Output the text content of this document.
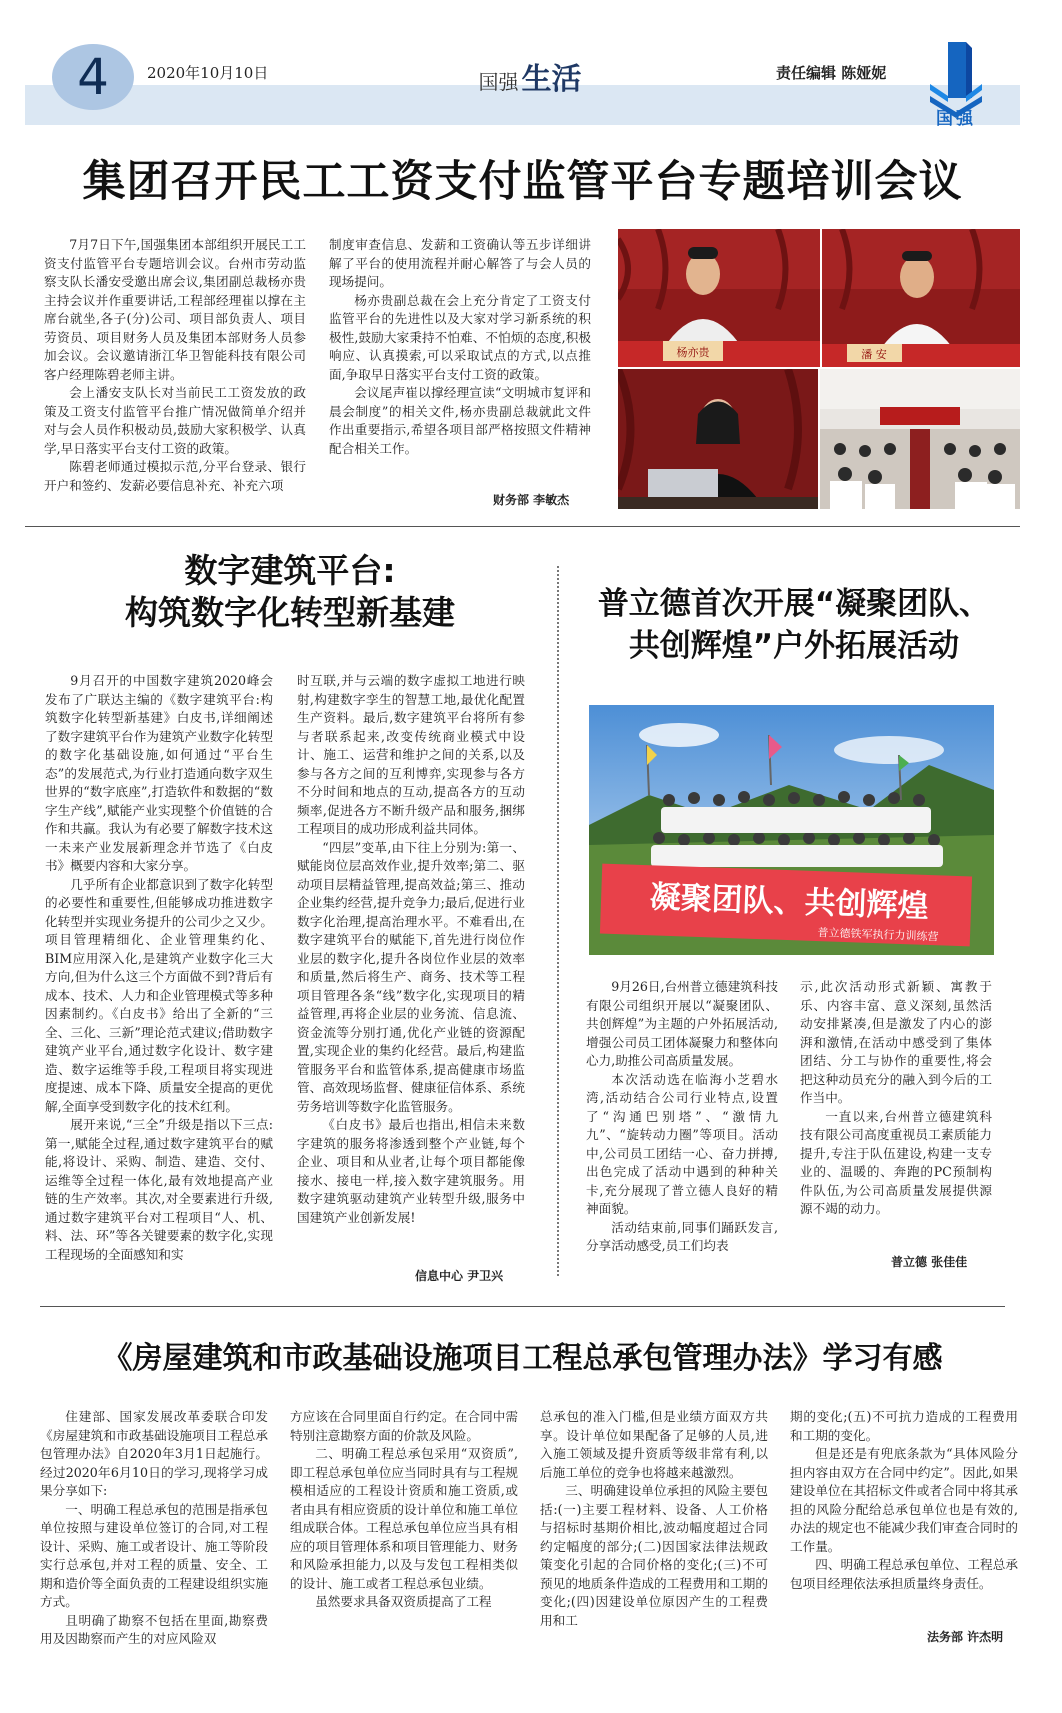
4	2020年10月10日	国强 生活	责任编辑 陈娅妮
国强
集团召开民工工资支付监管平台专题培训会议

7月7日下午,国强集团本部组织开展民工工资支付监管平台专题培训会议。台州市劳动监察支队长潘安受邀出席会议,集团副总裁杨亦贵主持会议并作重要讲话,工程部经理崔以撑在主席台就坐,各子(分)公司、项目部负责人、项目劳资员、项目财务人员及集团本部财务人员参加会议。会议邀请浙江华卫智能科技有限公司客户经理陈碧老师主讲。

会上潘安支队长对当前民工工资发放的政策及工资支付监管平台推广情况做简单介绍并对与会人员作积极动员,鼓励大家积极学、认真学,早日落实平台支付工资的政策。

陈碧老师通过模拟示范,分平台登录、银行开户和签约、发薪必要信息补充、补充六项

制度审查信息、发薪和工资确认等五步详细讲解了平台的使用流程并耐心解答了与会人员的现场提问。

杨亦贵副总裁在会上充分肯定了工资支付监管平台的先进性以及大家对学习新系统的积极性,鼓励大家秉持不怕难、不怕烦的态度,积极响应、认真摸索,可以采取试点的方式,以点推面,争取早日落实平台支付工资的政策。

会议尾声崔以撑经理宣读“文明城市复评和晨会制度”的相关文件,杨亦贵副总裁就此文件作出重要指示,希望各项目部严格按照文件精神配合相关工作。

财务部 李敏杰
杨亦贵	潘 安
数字建筑平台:
构筑数字化转型新基建

9月召开的中国数字建筑2020峰会发布了广联达主编的《数字建筑平台:构筑数字化转型新基建》白皮书,详细阐述了数字建筑平台作为建筑产业数字化转型的数字化基础设施,如何通过“平台生态”的发展范式,为行业打造通向数字双生世界的“数字底座”,打造软件和数据的“数字生产线”,赋能产业实现整个价值链的合作和共赢。我认为有必要了解数字技术这一未来产业发展新理念并节选了《白皮书》概要内容和大家分享。

几乎所有企业都意识到了数字化转型的必要性和重要性,但能够成功推进数字化转型并实现业务提升的公司少之又少。项目管理精细化、企业管理集约化、BIM应用深入化,是建筑产业数字化三大方向,但为什么这三个方面做不到?背后有成本、技术、人力和企业管理模式等多种因素制约。《白皮书》给出了全新的“三全、三化、三新”理论范式建议;借助数字建筑产业平台,通过数字化设计、数字建造、数字运维等手段,工程项目将实现进度提速、成本下降、质量安全提高的更优解,全面享受到数字化的技术红利。

展开来说,“三全”升级是指以下三点:第一,赋能全过程,通过数字建筑平台的赋能,将设计、采购、制造、建造、交付、运维等全过程一体化,最有效地提高产业链的生产效率。其次,对全要素进行升级,通过数字建筑平台对工程项目“人、机、料、法、环”等各关键要素的数字化,实现工程现场的全面感知和实

时互联,并与云端的数字虚拟工地进行映射,构建数字孪生的智慧工地,最优化配置生产资料。最后,数字建筑平台将所有参与者联系起来,改变传统商业模式中设计、施工、运营和维护之间的关系,以及参与各方之间的互利博弈,实现参与各方不分时间和地点的互动,提高各方的互动频率,促进各方不断升级产品和服务,捆绑工程项目的成功形成利益共同体。

“四层”变革,由下往上分别为:第一、赋能岗位层高效作业,提升效率;第二、驱动项目层精益管理,提高效益;第三、推动企业集约经营,提升竞争力;最后,促进行业数字化治理,提高治理水平。不难看出,在数字建筑平台的赋能下,首先进行岗位作业层的数字化,提升各岗位作业层的效率和质量,然后将生产、商务、技术等工程项目管理各条“线”数字化,实现项目的精益管理,再将企业层的业务流、信息流、资金流等分别打通,优化产业链的资源配置,实现企业的集约化经营。最后,构建监管服务平台和监管体系,提高健康市场监管、高效现场监督、健康征信体系、系统劳务培训等数字化监管服务。

《白皮书》最后也指出,相信未来数字建筑的服务将渗透到整个产业链,每个企业、项目和从业者,让每个项目都能像接水、接电一样,接入数字建筑服务。用数字建筑驱动建筑产业转型升级,服务中国建筑产业创新发展!

信息中心 尹卫兴
普立德首次开展“凝聚团队、
共创辉煌”户外拓展活动
凝聚团队、共创辉煌
普立德铁军执行力训练营

9月26日,台州普立德建筑科技有限公司组织开展以“凝聚团队、共创辉煌”为主题的户外拓展活动,增强公司员工团体凝聚力和整体向心力,助推公司高质量发展。

本次活动选在临海小芝碧水湾,活动结合公司行业特点,设置了“沟通巴别塔”、“激情九九”、“旋转动力圈”等项目。活动中,公司员工团结一心、奋力拼搏,出色完成了活动中遇到的种种关卡,充分展现了普立德人良好的精神面貌。

活动结束前,同事们踊跃发言,分享活动感受,员工们均表

示,此次活动形式新颖、寓教于乐、内容丰富、意义深刻,虽然活动安排紧凑,但是激发了内心的澎湃和激情,在活动中感受到了集体团结、分工与协作的重要性,将会把这种动员充分的融入到今后的工作当中。

一直以来,台州普立德建筑科技有限公司高度重视员工素质能力提升,专注于队伍建设,构建一支专业的、温暖的、奔跑的PC预制构件队伍,为公司高质量发展提供源源不竭的动力。

普立德 张佳佳
《房屋建筑和市政基础设施项目工程总承包管理办法》学习有感

住建部、国家发展改革委联合印发《房屋建筑和市政基础设施项目工程总承包管理办法》自2020年3月1日起施行。经过2020年6月10日的学习,现将学习成果分享如下:

一、明确工程总承包的范围是指承包单位按照与建设单位签订的合同,对工程设计、采购、施工或者设计、施工等阶段实行总承包,并对工程的质量、安全、工期和造价等全面负责的工程建设组织实施方式。

且明确了勘察不包括在里面,勘察费用及因勘察而产生的对应风险双

方应该在合同里面自行约定。在合同中需特别注意勘察方面的价款及风险。

二、明确工程总承包采用“双资质”,即工程总承包单位应当同时具有与工程规模相适应的工程设计资质和施工资质,或者由具有相应资质的设计单位和施工单位组成联合体。工程总承包单位应当具有相应的项目管理体系和项目管理能力、财务和风险承担能力,以及与发包工程相类似的设计、施工或者工程总承包业绩。

虽然要求具备双资质提高了工程

总承包的准入门槛,但是业绩方面双方共享。设计单位如果配备了足够的人员,进入施工领域及提升资质等级非常有利,以后施工单位的竞争也将越来越激烈。

三、明确建设单位承担的风险主要包括:(一)主要工程材料、设备、人工价格与招标时基期价相比,波动幅度超过合同约定幅度的部分;(二)因国家法律法规政策变化引起的合同价格的变化;(三)不可预见的地质条件造成的工程费用和工期的变化;(四)因建设单位原因产生的工程费用和工

期的变化;(五)不可抗力造成的工程费用和工期的变化。

但是还是有兜底条款为“具体风险分担内容由双方在合同中约定”。因此,如果建设单位在其招标文件或者合同中将其承担的风险分配给总承包单位也是有效的,办法的规定也不能减少我们审查合同时的工作量。

四、明确工程总承包单位、工程总承包项目经理依法承担质量终身责任。

法务部 许杰明
